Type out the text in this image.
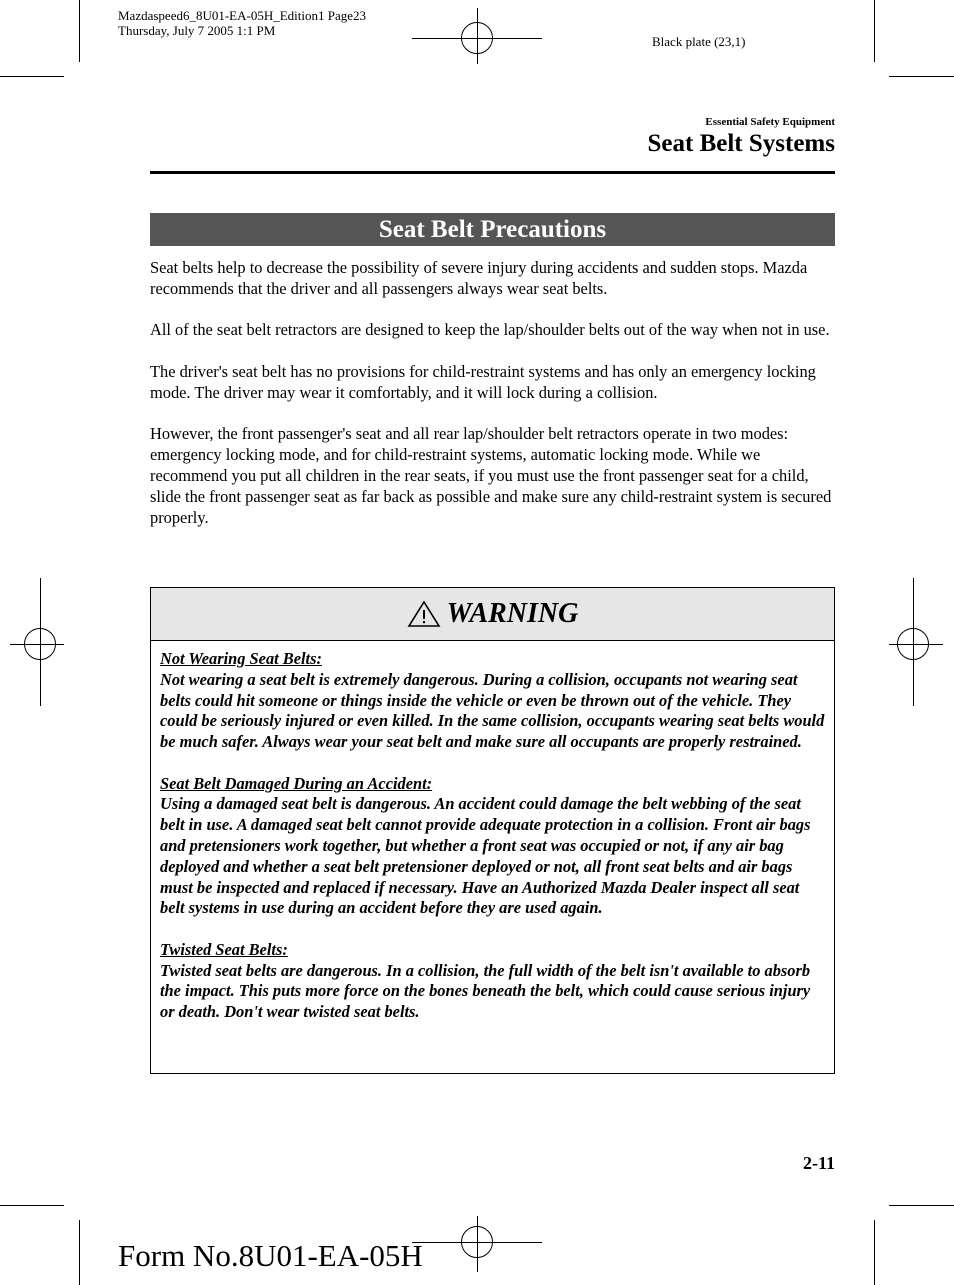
Mazdaspeed6_8U01-EA-05H_Edition1 Page23
Thursday, July 7 2005 1:1 PM
Black plate (23,1)
Essential Safety Equipment
Seat Belt Systems
Seat Belt Precautions

Seat belts help to decrease the possibility of severe injury during accidents and sudden stops. Mazda recommends that the driver and all passengers always wear seat belts.

All of the seat belt retractors are designed to keep the lap/shoulder belts out of the way when not in use.

The driver's seat belt has no provisions for child-restraint systems and has only an emergency locking mode. The driver may wear it comfortably, and it will lock during a collision.

However, the front passenger's seat and all rear lap/shoulder belt retractors operate in two modes: emergency locking mode, and for child-restraint systems, automatic locking mode. While we recommend you put all children in the rear seats, if you must use the front passenger seat for a child, slide the front passenger seat as far back as possible and make sure any child-restraint system is secured properly.

WARNING
Not Wearing Seat Belts:
Not wearing a seat belt is extremely dangerous. During a collision, occupants not wearing seat belts could hit someone or things inside the vehicle or even be thrown out of the vehicle. They could be seriously injured or even killed. In the same collision, occupants wearing seat belts would be much safer. Always wear your seat belt and make sure all occupants are properly restrained.
Seat Belt Damaged During an Accident:
Using a damaged seat belt is dangerous. An accident could damage the belt webbing of the seat belt in use. A damaged seat belt cannot provide adequate protection in a collision. Front air bags and pretensioners work together, but whether a front seat was occupied or not, if any air bag deployed and whether a seat belt pretensioner deployed or not, all front seat belts and air bags must be inspected and replaced if necessary. Have an Authorized Mazda Dealer inspect all seat belt systems in use during an accident before they are used again.
Twisted Seat Belts:
Twisted seat belts are dangerous. In a collision, the full width of the belt isn't available to absorb the impact. This puts more force on the bones beneath the belt, which could cause serious injury or death. Don't wear twisted seat belts.
2-11
Form No.8U01-EA-05H
